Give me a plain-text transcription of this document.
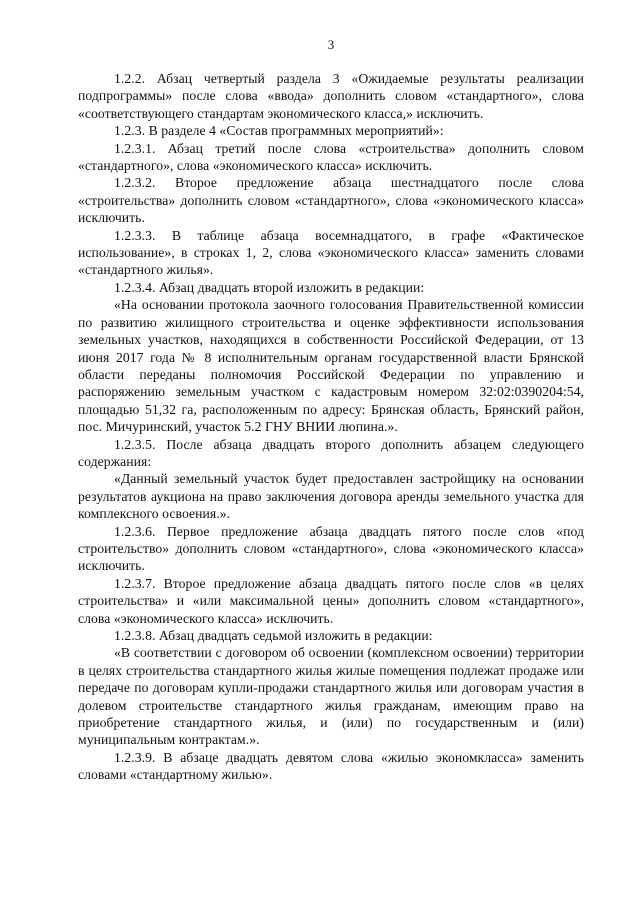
3

1.2.2. Абзац четвертый раздела 3 «Ожидаемые результаты реализации подпрограммы» после слова «ввода» дополнить словом «стандартного», слова «соответствующего стандартам экономического класса,» исключить.

1.2.3. В разделе 4 «Состав программных мероприятий»:

1.2.3.1. Абзац третий после слова «строительства» дополнить словом «стандартного», слова «экономического класса» исключить.

1.2.3.2. Второе предложение абзаца шестнадцатого после слова «строительства» дополнить словом «стандартного», слова «экономического класса» исключить.

1.2.3.3. В таблице абзаца восемнадцатого, в графе «Фактическое использование», в строках 1, 2, слова «экономического класса» заменить словами «стандартного жилья».

1.2.3.4. Абзац двадцать второй изложить в редакции:

«На основании протокола заочного голосования Правительственной комиссии по развитию жилищного строительства и оценке эффективности использования земельных участков, находящихся в собственности Российской Федерации, от 13 июня 2017 года № 8 исполнительным органам государственной власти Брянской области переданы полномочия Российской Федерации по управлению и распоряжению земельным участком с кадастровым номером 32:02:0390204:54, площадью 51,32 га, расположенным по адресу: Брянская область, Брянский район, пос. Мичуринский, участок 5.2 ГНУ ВНИИ люпина.».

1.2.3.5. После абзаца двадцать второго дополнить абзацем следующего содержания:

«Данный земельный участок будет предоставлен застройщику на основании результатов аукциона на право заключения договора аренды земельного участка для комплексного освоения.».

1.2.3.6. Первое предложение абзаца двадцать пятого после слов «под строительство» дополнить словом «стандартного», слова «экономического класса» исключить.

1.2.3.7. Второе предложение абзаца двадцать пятого после слов «в целях строительства» и «или максимальной цены» дополнить словом «стандартного», слова «экономического класса» исключить.

1.2.3.8. Абзац двадцать седьмой изложить в редакции:

«В соответствии с договором об освоении (комплексном освоении) территории в целях строительства стандартного жилья жилые помещения подлежат продаже или передаче по договорам купли-продажи стандартного жилья или договорам участия в долевом строительстве стандартного жилья гражданам, имеющим право на приобретение стандартного жилья, и (или) по государственным и (или) муниципальным контрактам.».

1.2.3.9. В абзаце двадцать девятом слова «жилью экономкласса» заменить словами «стандартному жилью».
